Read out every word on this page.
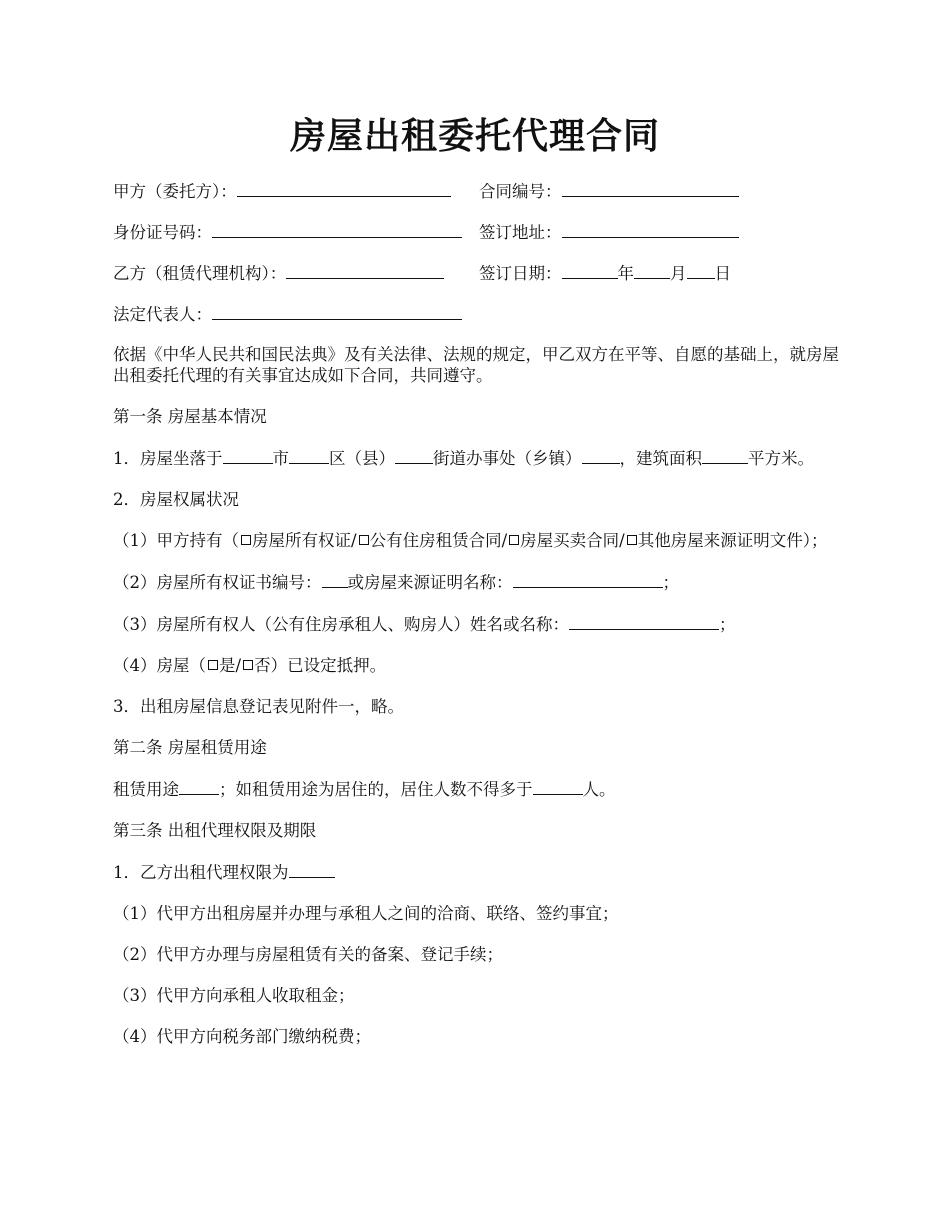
房屋出租委托代理合同
甲方（委托方）：	合同编号：
身份证号码：	签订地址：
乙方（租赁代理机构）：	签订日期：	年 月 日
法定代表人：

依据《中华人民共和国民法典》及有关法律、法规的规定，甲乙双方在平等、自愿的基础上，就房屋出租委托代理的有关事宜达成如下合同，共同遵守。

第一条 房屋基本情况

1．房屋坐落于	市 区（县） 街道办事处（乡镇） ，建筑面积	平方米。

2．房屋权属状况

（1）甲方持有（ 房屋所有权证/ 公有住房租赁合同/ 房屋买卖合同/ 其他房屋来源证明文件）；

（2）房屋所有权证书编号： 或房屋来源证明名称：	；
（3）房屋所有权人（公有住房承租人、购房人）姓名或名称：	；
（4）房屋（ 是/ 否）已设定抵押。
3．出租房屋信息登记表见附件一，略。
第二条 房屋租赁用途
租赁用途 ；如租赁用途为居住的，居住人数不得多于	人。
第三条 出租代理权限及期限
1．乙方出租代理权限为
（1）代甲方出租房屋并办理与承租人之间的洽商、联络、签约事宜；
（2）代甲方办理与房屋租赁有关的备案、登记手续；
（3）代甲方向承租人收取租金；
（4）代甲方向税务部门缴纳税费；
